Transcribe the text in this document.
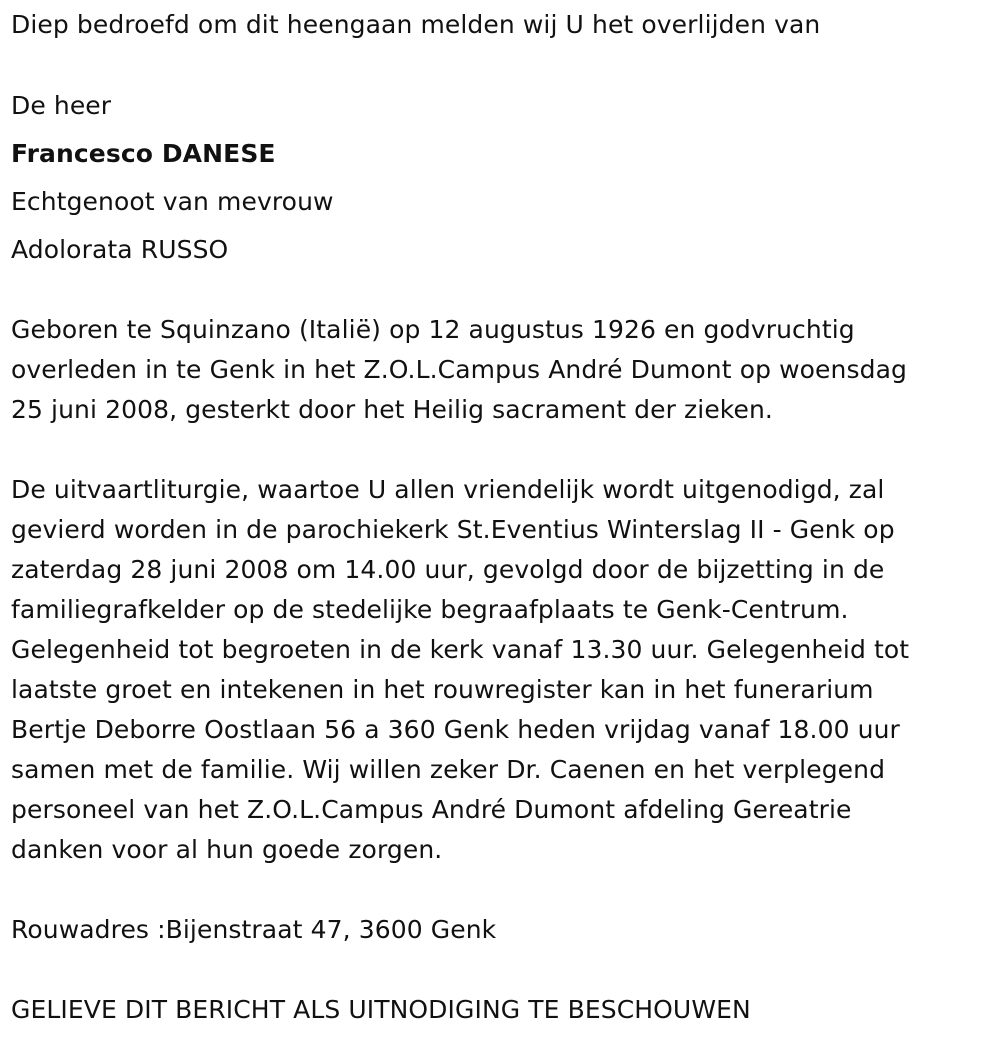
Diep bedroefd om dit heengaan melden wij U het overlijden van
De heer
Francesco DANESE
Echtgenoot van mevrouw
Adolorata RUSSO

Geboren te Squinzano (Italië) op 12 augustus 1926 en godvruchtig
overleden in te Genk in het Z.O.L.Campus André Dumont op woensdag
25 juni 2008, gesterkt door het Heilig sacrament der zieken.

De uitvaartliturgie, waartoe U allen vriendelijk wordt uitgenodigd, zal
gevierd worden in de parochiekerk St.Eventius Winterslag II - Genk op
zaterdag 28 juni 2008 om 14.00 uur, gevolgd door de bijzetting in de
familiegrafkelder op de stedelijke begraafplaats te Genk-Centrum.
Gelegenheid tot begroeten in de kerk vanaf 13.30 uur. Gelegenheid tot
laatste groet en intekenen in het rouwregister kan in het funerarium
Bertje Deborre Oostlaan 56 a 360 Genk heden vrijdag vanaf 18.00 uur
samen met de familie. Wij willen zeker Dr. Caenen en het verplegend
personeel van het Z.O.L.Campus André Dumont afdeling Gereatrie
danken voor al hun goede zorgen.

Rouwadres :Bijenstraat 47, 3600 Genk
GELIEVE DIT BERICHT ALS UITNODIGING TE BESCHOUWEN
